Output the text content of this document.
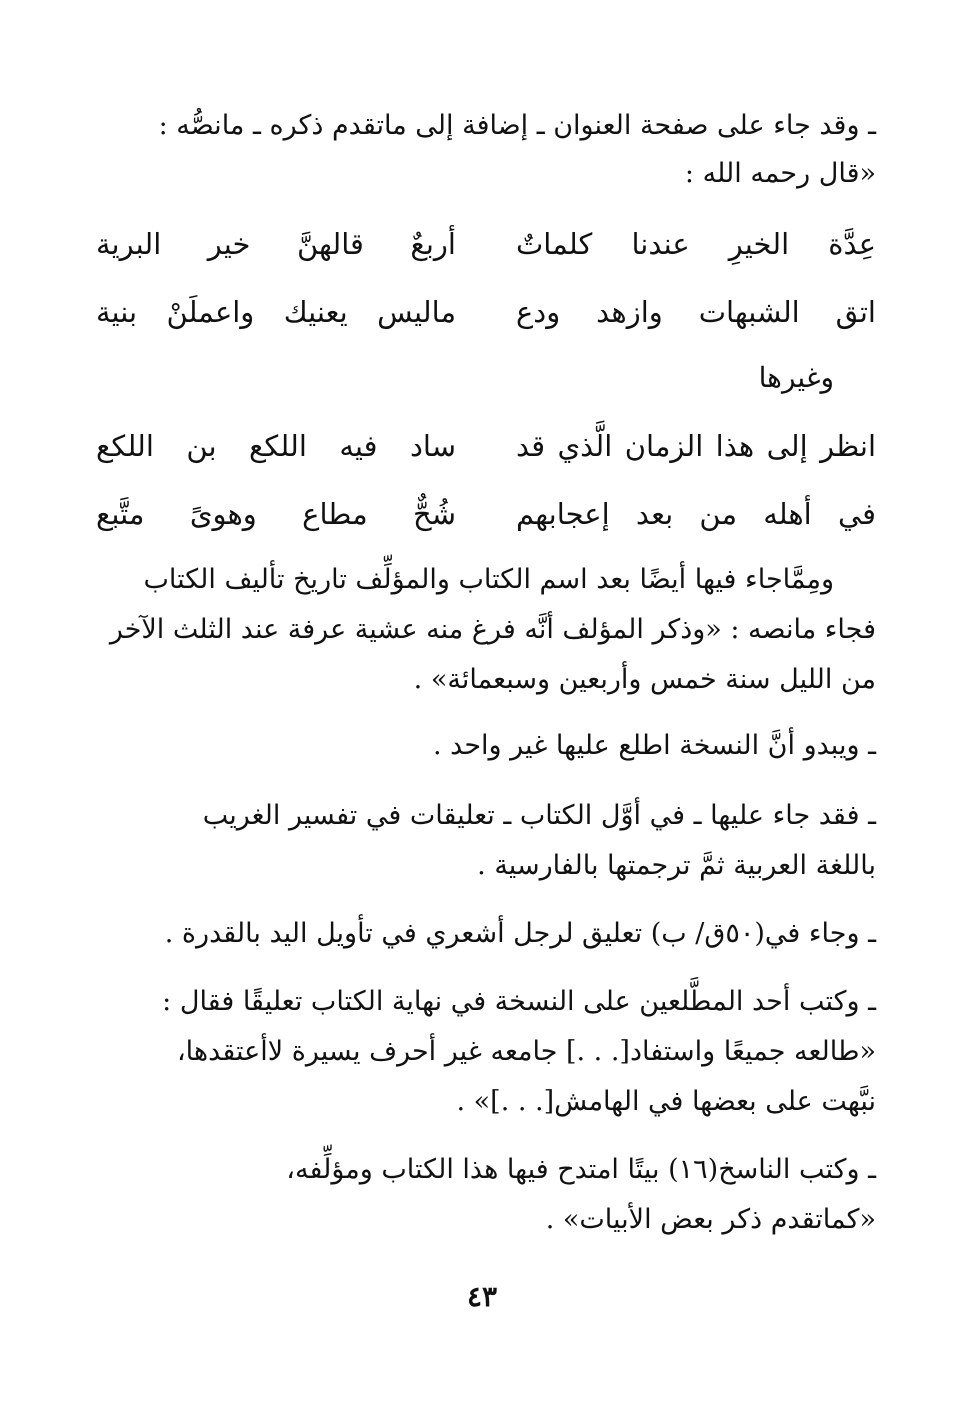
ـ وقد جاء على صفحة العنوان ـ إضافة إلى ماتقدم ذكره ـ مانصُّه :
«قال رحمه الله :
عِدَّة الخيرِ عندنا كلماتٌ
أربعٌ قالهنَّ خير البرية
اتق الشبهات وازهد ودع
ماليس يعنيك واعملَنْ بنية
وغيرها
انظر إلى هذا الزمان الَّذي قد
ساد فيه اللكع بن اللكع
في أهله من بعد إعجابهم
شُحٌّ مطاع وهوىً متَّبع
ومِمَّاجاء فيها أيضًا بعد اسم الكتاب والمؤلِّف تاريخ تأليف الكتاب
فجاء مانصه : «وذكر المؤلف أنَّه فرغ منه عشية عرفة عند الثلث الآخر
من الليل سنة خمس وأربعين وسبعمائة» .
ـ ويبدو أنَّ النسخة اطلع عليها غير واحد .
ـ فقد جاء عليها ـ في أوَّل الكتاب ـ تعليقات في تفسير الغريب
باللغة العربية ثمَّ ترجمتها بالفارسية .
ـ وجاء في(٥٠ق/ ب) تعليق لرجل أشعري في تأويل اليد بالقدرة .
ـ وكتب أحد المطَّلعين على النسخة في نهاية الكتاب تعليقًا فقال :
«طالعه جميعًا واستفاد[. . .] جامعه غير أحرف يسيرة لاأعتقدها،
نبَّهت على بعضها في الهامش[. . .]» .
ـ وكتب الناسخ(١٦) بيتًا امتدح فيها هذا الكتاب ومؤلِّفه،
«كماتقدم ذكر بعض الأبيات» .
٤٣
